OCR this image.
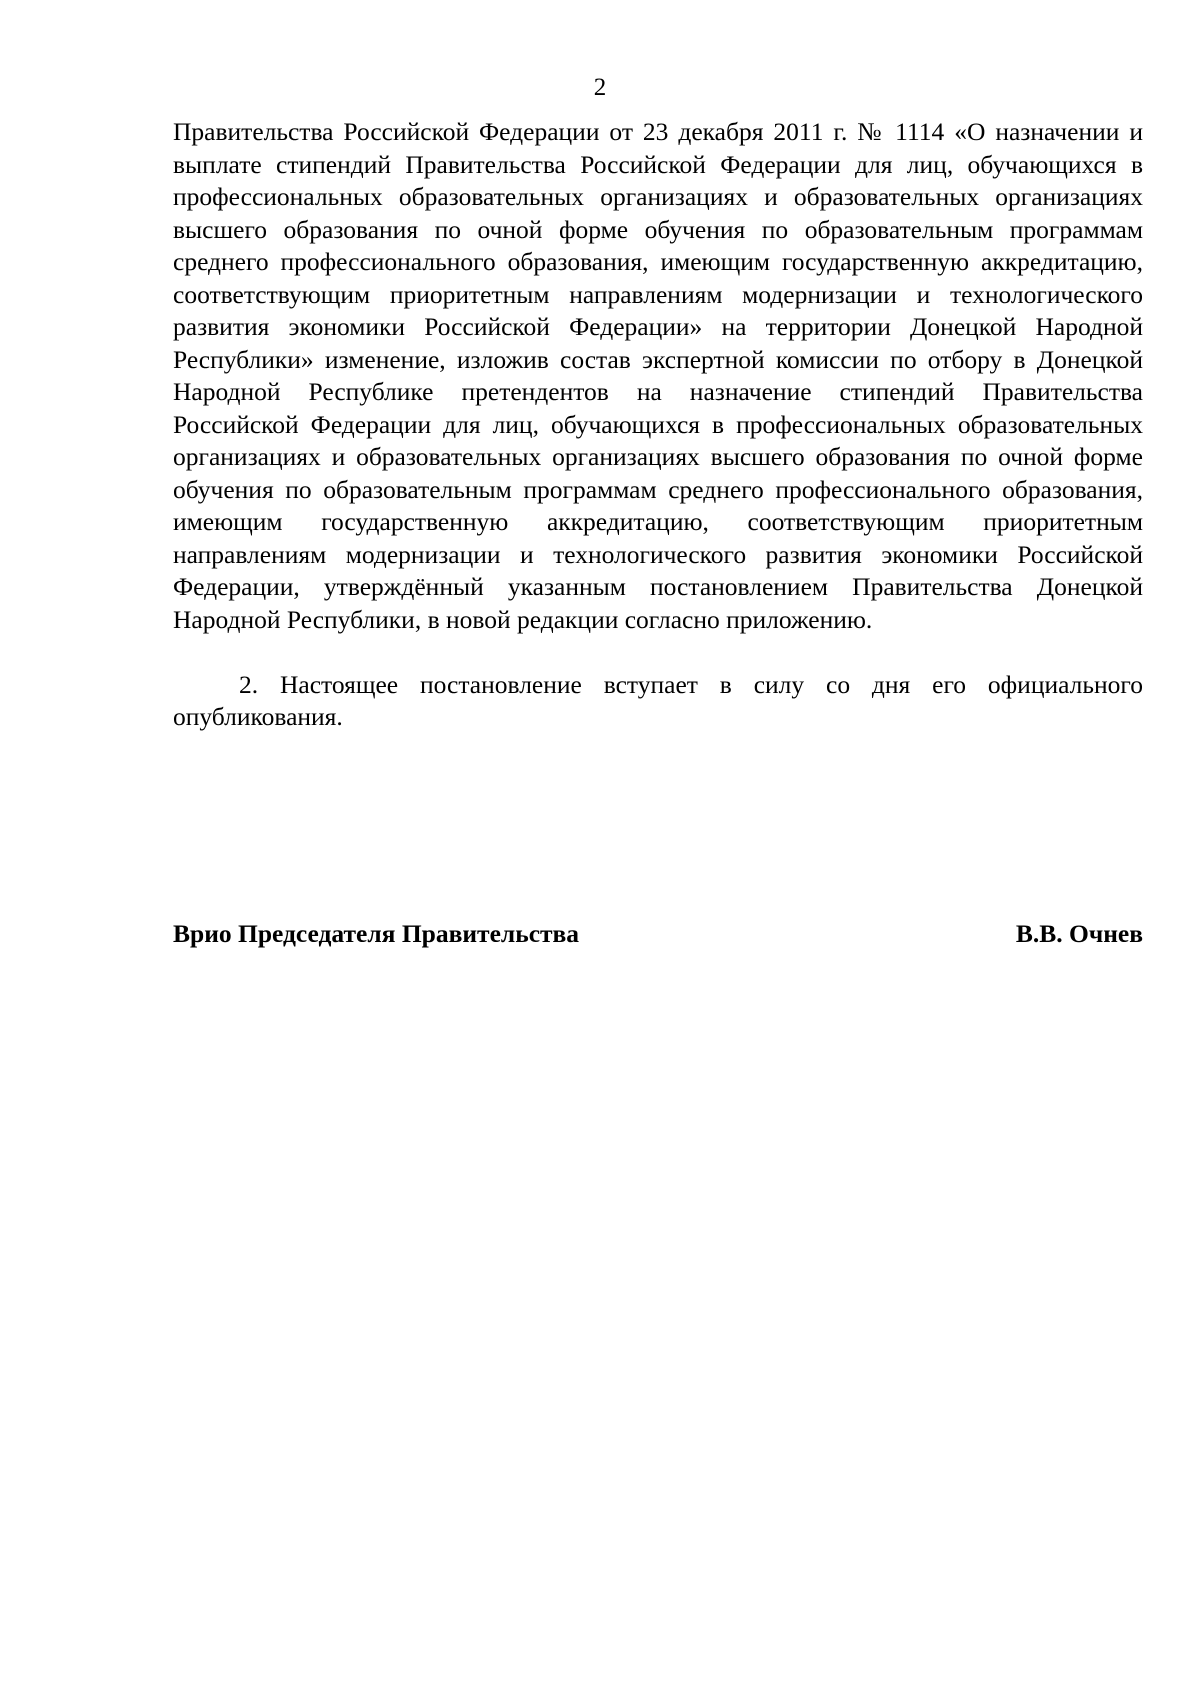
2

Правительства Российской Федерации от 23 декабря 2011 г. № 1114 «О назначении и выплате стипендий Правительства Российской Федерации для лиц, обучающихся в профессиональных образовательных организациях и образовательных организациях высшего образования по очной форме обучения по образовательным программам среднего профессионального образования, имеющим государственную аккредитацию, соответствующим приоритетным направлениям модернизации и технологического развития экономики Российской Федерации» на территории Донецкой Народной Республики» изменение, изложив состав экспертной комиссии по отбору в Донецкой Народной Республике претендентов на назначение стипендий Правительства Российской Федерации для лиц, обучающихся в профессиональных образовательных организациях и образовательных организациях высшего образования по очной форме обучения по образовательным программам среднего профессионального образования, имеющим государственную аккредитацию, соответствующим приоритетным направлениям модернизации и технологического развития экономики Российской Федерации, утверждённый указанным постановлением Правительства Донецкой Народной Республики, в новой редакции согласно приложению.

2. Настоящее постановление вступает в силу со дня его официального опубликования.

Врио Председателя Правительства	В.В. Очнев
